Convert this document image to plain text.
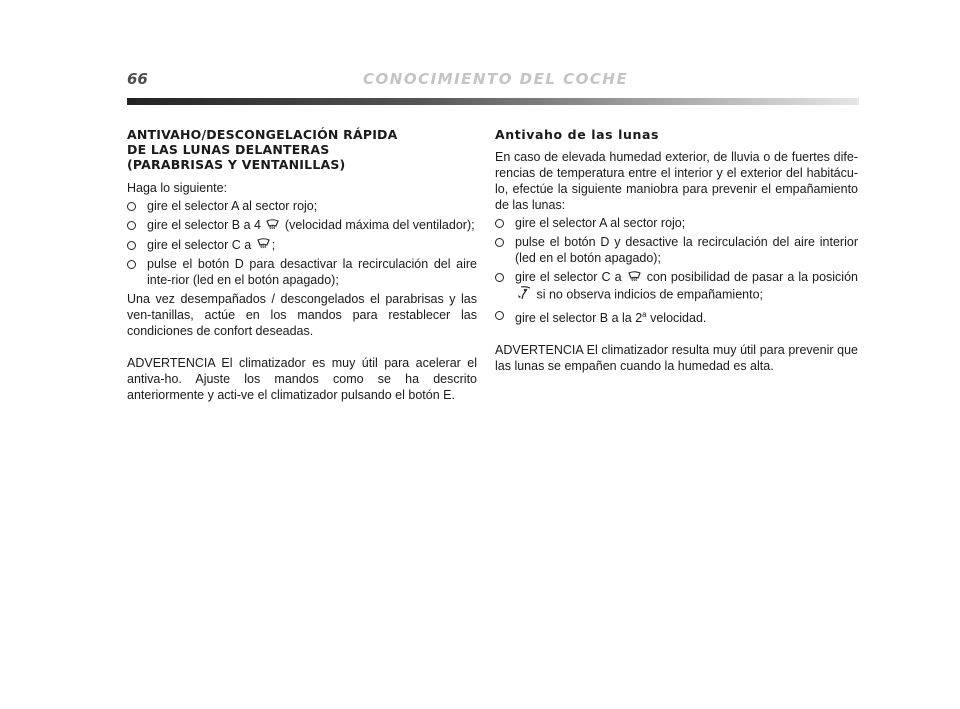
66	CONOCIMIENTO DEL COCHE
ANTIVAHO/DESCONGELACIÓN RÁPIDA
DE LAS LUNAS DELANTERAS
(PARABRISAS Y VENTANILLAS)

Haga lo siguiente:

gire el selector A al sector rojo;
gire el selector B a 4 (velocidad máxima del ventilador);
gire el selector C a ;
pulse el botón D para desactivar la recirculación del aire inte-rior (led en el botón apagado);

Una vez desempañados / descongelados el parabrisas y las ven-tanillas, actúe en los mandos para restablecer las condiciones de confort deseadas.

ADVERTENCIA El climatizador es muy útil para acelerar el antiva-ho. Ajuste los mandos como se ha descrito anteriormente y acti-ve el climatizador pulsando el botón E.

Antivaho de las lunas

En caso de elevada humedad exterior, de lluvia o de fuertes dife-rencias de temperatura entre el interior y el exterior del habitácu-lo, efectúe la siguiente maniobra para prevenir el empañamiento de las lunas:

gire el selector A al sector rojo;
pulse el botón D y desactive la recirculación del aire interior (led en el botón apagado);
gire el selector C a con posibilidad de pasar a la posición  si no observa indicios de empañamiento;
gire el selector B a la 2$^a$ velocidad.

ADVERTENCIA El climatizador resulta muy útil para prevenir que las lunas se empañen cuando la humedad es alta.
